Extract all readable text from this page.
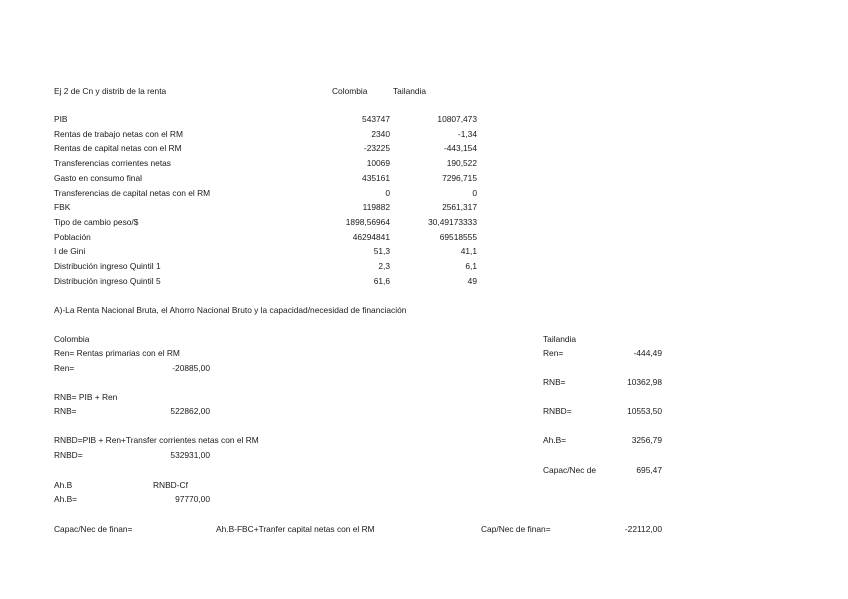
Ej 2 de Cn y distrib de la renta	Colombia	Tailandia
PIB	543747	10807,473
Rentas de trabajo netas con el RM	2340	-1,34
Rentas de capital netas con el RM	-23225	-443,154
Transferencias corrientes netas	10069	190,522
Gasto en consumo final	435161	7296,715
Transferencias de capital netas con el RM	0	0
FBK	119882	2561,317
Tipo de cambio peso/$	1898,56964	30,49173333
Población	46294841	69518555
I de Gini	51,3	41,1
Distribución ingreso Quintil 1	2,3	6,1
Distribución ingreso Quintil 5	61,6	49
A)-La Renta Nacional Bruta, el Ahorro Nacional Bruto y la capacidad/necesidad de financiación
Colombia
Ren= Rentas primarias con el RM
Ren=	-20885,00
RNB= PIB + Ren
RNB=	522862,00
RNBD=PIB + Ren+Transfer corrientes netas con el RM
RNBD=	532931,00
Ah.B	RNBD-Cf
Ah.B=	97770,00
Capac/Nec de finan=	Ah.B-FBC+Tranfer capital netas con el RM	Cap/Nec de finan=	-22112,00
Tailandia
Ren=	-444,49
RNB=	10362,98
RNBD=	10553,50
Ah.B=	3256,79
Capac/Nec de	695,47
